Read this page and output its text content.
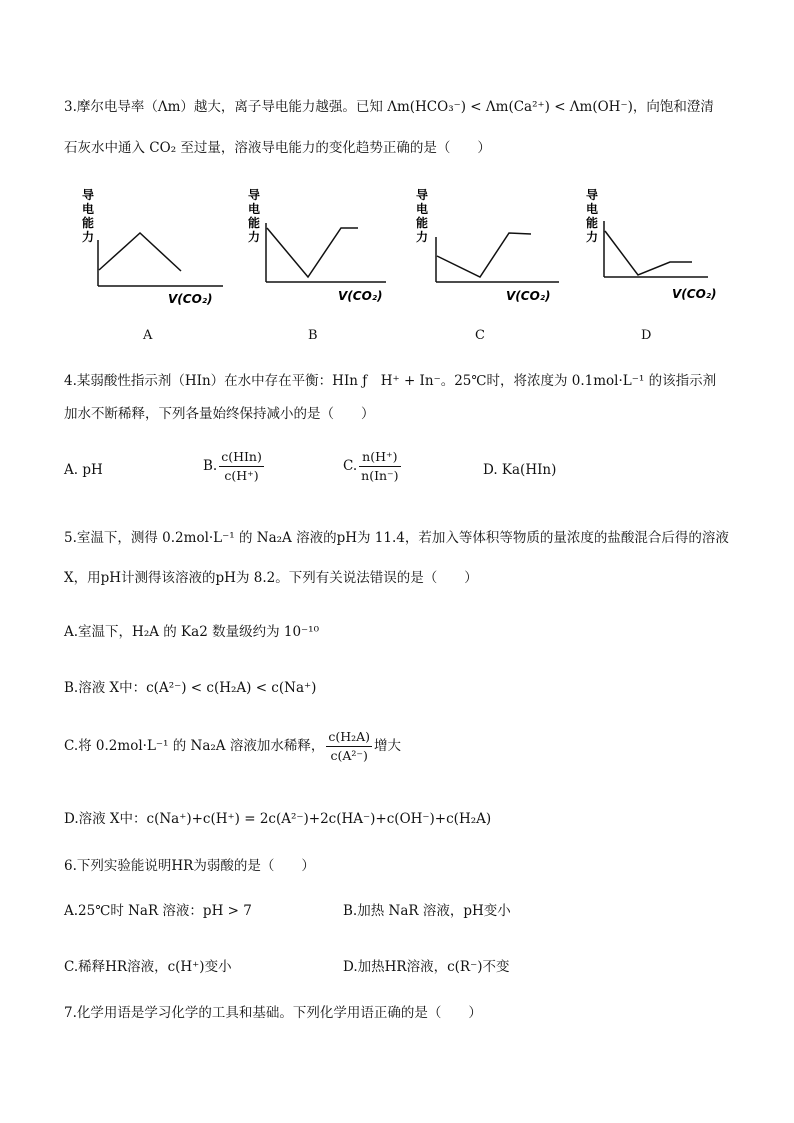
3.摩尔电导率（Λm）越大，离子导电能力越强。已知 Λm(HCO₃⁻) < Λm(Ca²⁺) < Λm(OH⁻)，向饱和澄清
石灰水中通入 CO₂ 至过量，溶液导电能力的变化趋势正确的是（　　）
导
电
能
力
V(CO₂)
导
电
能
力
V(CO₂)
导
电
能
力
V(CO₂)
导
电
能
力
V(CO₂)
A	B	C	D
4.某弱酸性指示剂（HIn）在水中存在平衡：HIn ƒ　H⁺ + In⁻。25℃时，将浓度为 0.1mol·L⁻¹ 的该指示剂
加水不断稀释，下列各量始终保持减小的是（　　）
A. pH	B. $\frac{\text{c(HIn)}}{c(H^+)}$	C. $\frac{n(H^+)}{n(In^-)}$	D. Ka(HIn)
5.室温下，测得 0.2mol·L⁻¹ 的 Na₂A 溶液的pH为 11.4，若加入等体积等物质的量浓度的盐酸混合后得的溶液
X，用pH计测得该溶液的pH为 8.2。下列有关说法错误的是（　　）
A.室温下，H₂A 的 Ka2 数量级约为 10⁻¹⁰
B.溶液 X中：c(A²⁻) < c(H₂A) < c(Na⁺)
C.将 0.2mol·L⁻¹ 的 Na₂A 溶液加水稀释， $\frac{\text{c(H₂A)}}{\text{c(A²⁻)}}$ 增大
D.溶液 X中：c(Na⁺)+c(H⁺) = 2c(A²⁻)+2c(HA⁻)+c(OH⁻)+c(H₂A)
6.下列实验能说明HR为弱酸的是（　　）
A.25℃时 NaR 溶液：pH > 7	B.加热 NaR 溶液，pH变小
C.稀释HR溶液，c(H⁺)变小	D.加热HR溶液，c(R⁻)不变
7.化学用语是学习化学的工具和基础。下列化学用语正确的是（　　）
